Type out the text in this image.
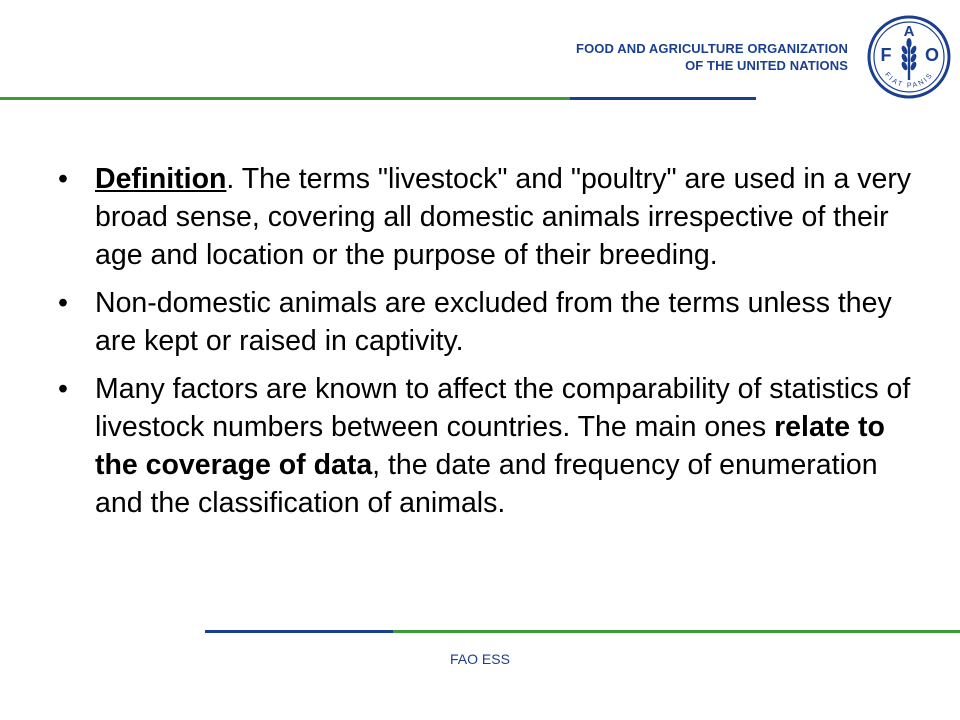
FOOD AND AGRICULTURE ORGANIZATION
OF THE UNITED NATIONS
F
A
O
FIAT PANIS
• Definition. The terms "livestock" and "poultry" are used in a very broad sense, covering all domestic animals irrespective of their age and location or the purpose of their breeding.
• Non-domestic animals are excluded from the terms unless they are kept or raised in captivity.
• Many factors are known to affect the comparability of statistics of livestock numbers between countries. The main ones relate to the coverage of data, the date and frequency of enumeration and the classification of animals.
FAO ESS
